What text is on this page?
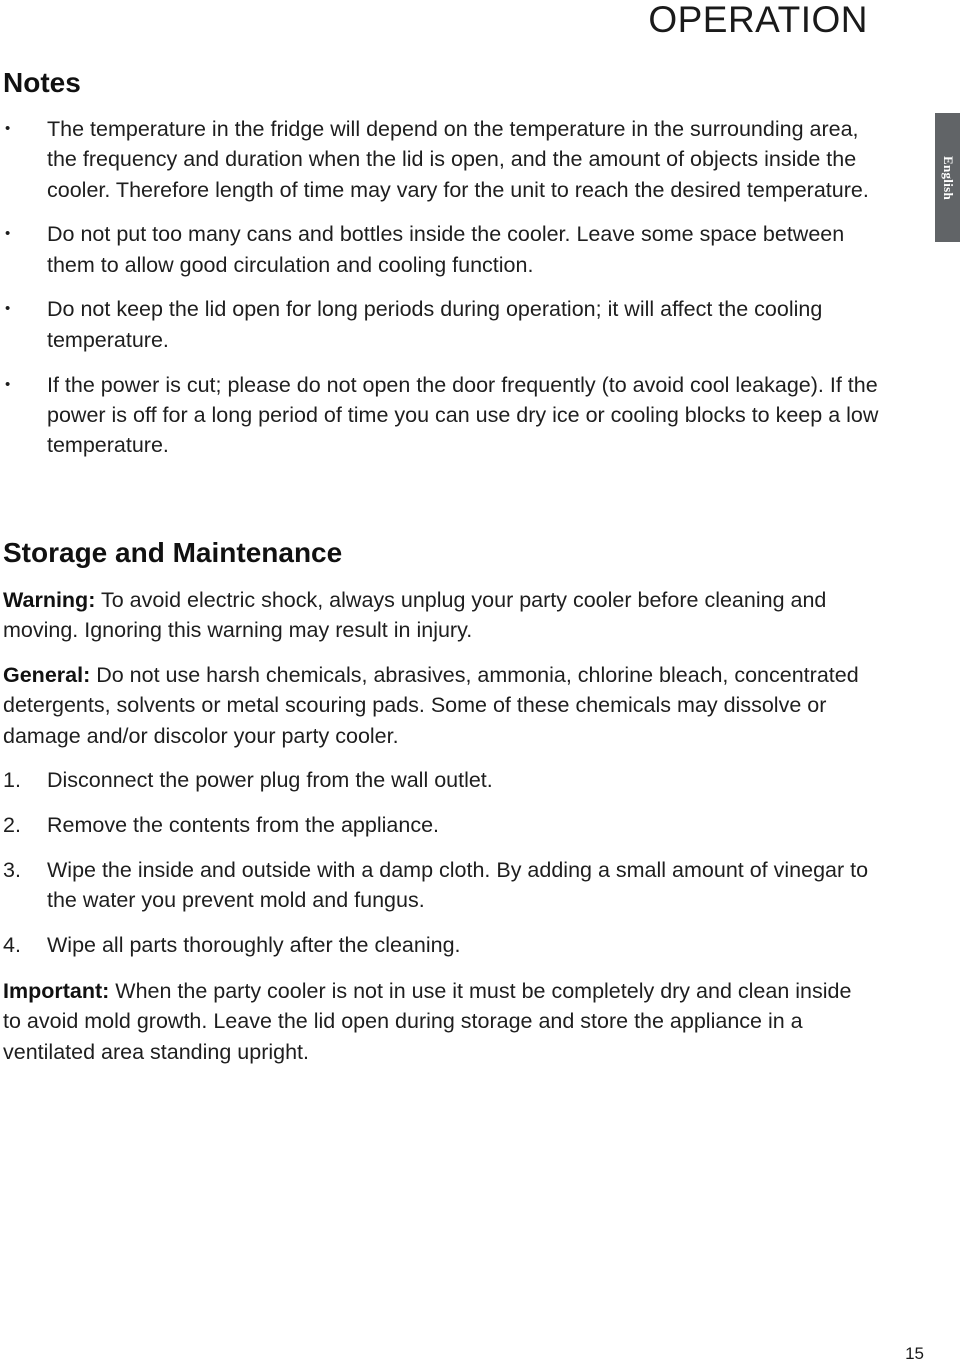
OPERATION
English
Notes
• The temperature in the fridge will depend on the temperature in the surrounding area, the frequency and duration when the lid is open, and the amount of objects inside the cooler. Therefore length of time may vary for the unit to reach the desired temperature.
• Do not put too many cans and bottles inside the cooler. Leave some space between them to allow good circulation and cooling function.
• Do not keep the lid open for long periods during operation; it will affect the cooling temperature.
• If the power is cut; please do not open the door frequently (to avoid cool leakage). If the power is off for a long period of time you can use dry ice or cooling blocks to keep a low temperature.
Storage and Maintenance

Warning: To avoid electric shock, always unplug your party cooler before cleaning and moving. Ignoring this warning may result in injury.

General: Do not use harsh chemicals, abrasives, ammonia, chlorine bleach, concentrated detergents, solvents or metal scouring pads. Some of these chemicals may dissolve or damage and/or discolor your party cooler.

1. Disconnect the power plug from the wall outlet.
2. Remove the contents from the appliance.
3. Wipe the inside and outside with a damp cloth. By adding a small amount of vinegar to the water you prevent mold and fungus.
4. Wipe all parts thoroughly after the cleaning.

Important: When the party cooler is not in use it must be completely dry and clean inside to avoid mold growth. Leave the lid open during storage and store the appliance in a ventilated area standing upright.

15
